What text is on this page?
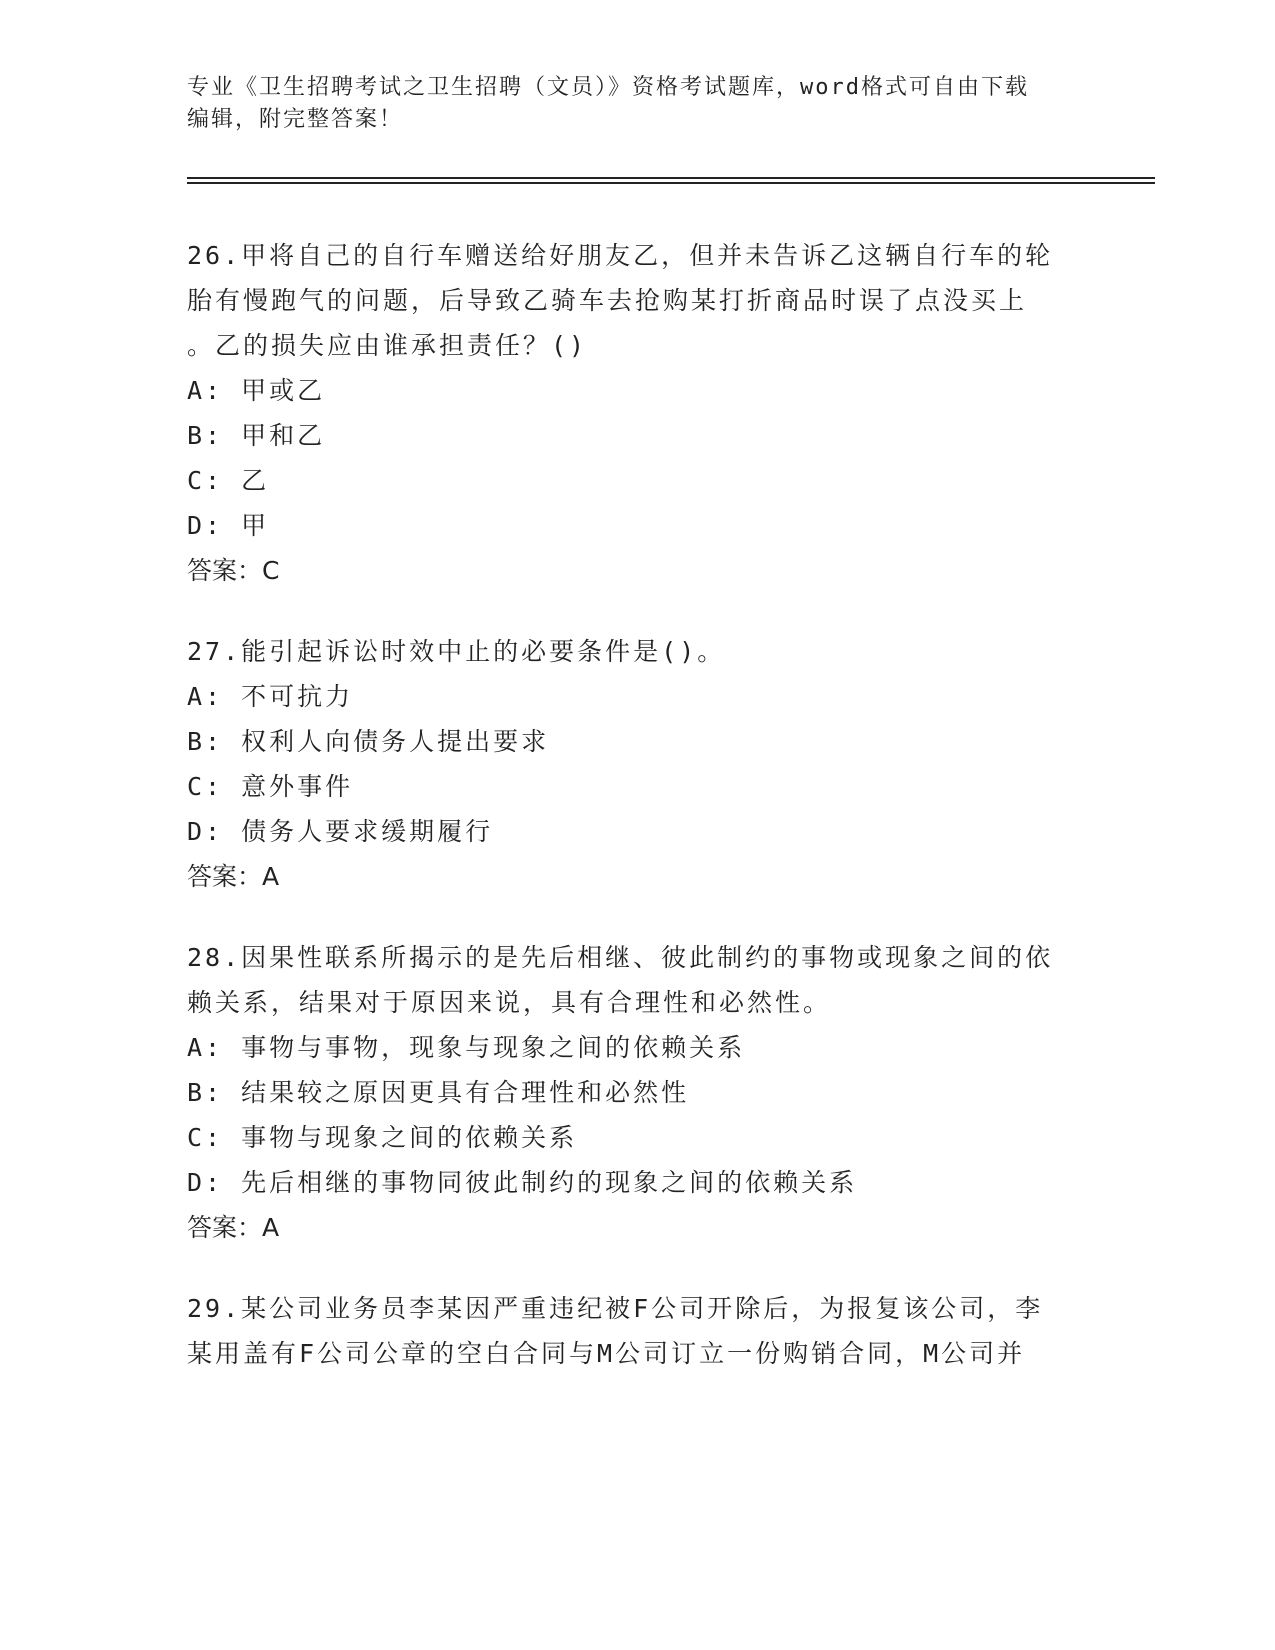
专业《卫生招聘考试之卫生招聘（文员）》资格考试题库，word格式可自由下载
编辑，附完整答案！

26.甲将自己的自行车赠送给好朋友乙，但并未告诉乙这辆自行车的轮

胎有慢跑气的问题，后导致乙骑车去抢购某打折商品时误了点没买上

。乙的损失应由谁承担责任？()

A: 甲或乙

B: 甲和乙

C: 乙

D: 甲

答案：C

27.能引起诉讼时效中止的必要条件是()。

A: 不可抗力

B: 权利人向债务人提出要求

C: 意外事件

D: 债务人要求缓期履行

答案：A

28.因果性联系所揭示的是先后相继、彼此制约的事物或现象之间的依

赖关系，结果对于原因来说，具有合理性和必然性。

A: 事物与事物，现象与现象之间的依赖关系

B: 结果较之原因更具有合理性和必然性

C: 事物与现象之间的依赖关系

D: 先后相继的事物同彼此制约的现象之间的依赖关系

答案：A

29.某公司业务员李某因严重违纪被F公司开除后，为报复该公司，李

某用盖有F公司公章的空白合同与M公司订立一份购销合同，M公司并
